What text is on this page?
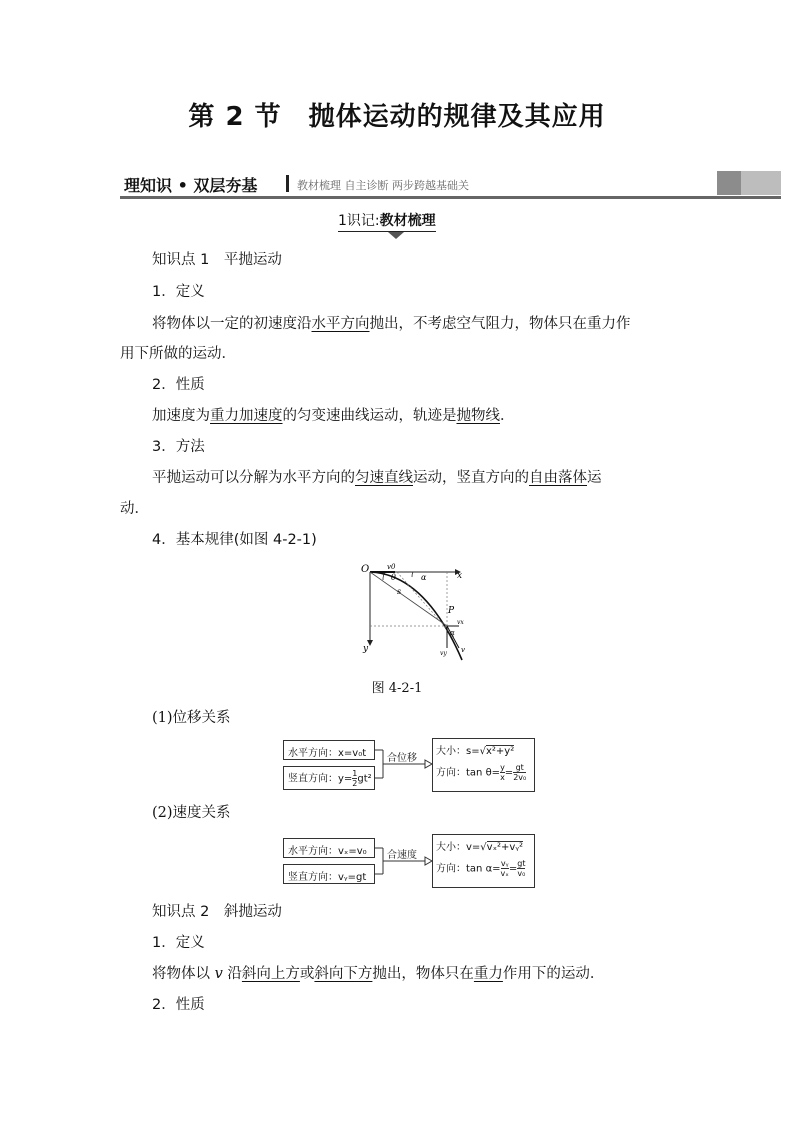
第 2 节　抛体运动的规律及其应用
理知识 • 双层夯基	教材梳理 自主诊断 两步跨越基础关
1识记:教材梳理
知识点 1　平抛运动
1．定义
将物体以一定的初速度沿水平方向抛出，不考虑空气阻力，物体只在重力作
用下所做的运动．
2．性质
加速度为重力加速度的匀变速曲线运动，轨迹是抛物线．
3．方法
平抛运动可以分解为水平方向的匀速直线运动，竖直方向的自由落体运
动．
4．基本规律(如图 4-2-1)
O
x
y
v0
θ	α
s
P
vx
vy v
α
图 4-2-1
(1)位移关系
水平方向：x=v₀t
竖直方向：$y= \frac{1}{2} gt^2$
合位移
大小：s=√x²+y²
方向：$\tan \theta= \frac{y}{x} = \frac{gt}{\text{2v₀}}$
(2)速度关系
水平方向：vₓ=v₀
竖直方向：vᵧ=gt
合速度
大小：v=√vₓ²+vᵧ²
方向：$\tan \alpha= \frac{\text{vᵧ}}{\text{vₓ}} = \frac{gt}{\text{v₀}}$
知识点 2　斜抛运动
1．定义
将物体以 v 沿斜向上方或斜向下方抛出，物体只在重力作用下的运动．
2．性质
